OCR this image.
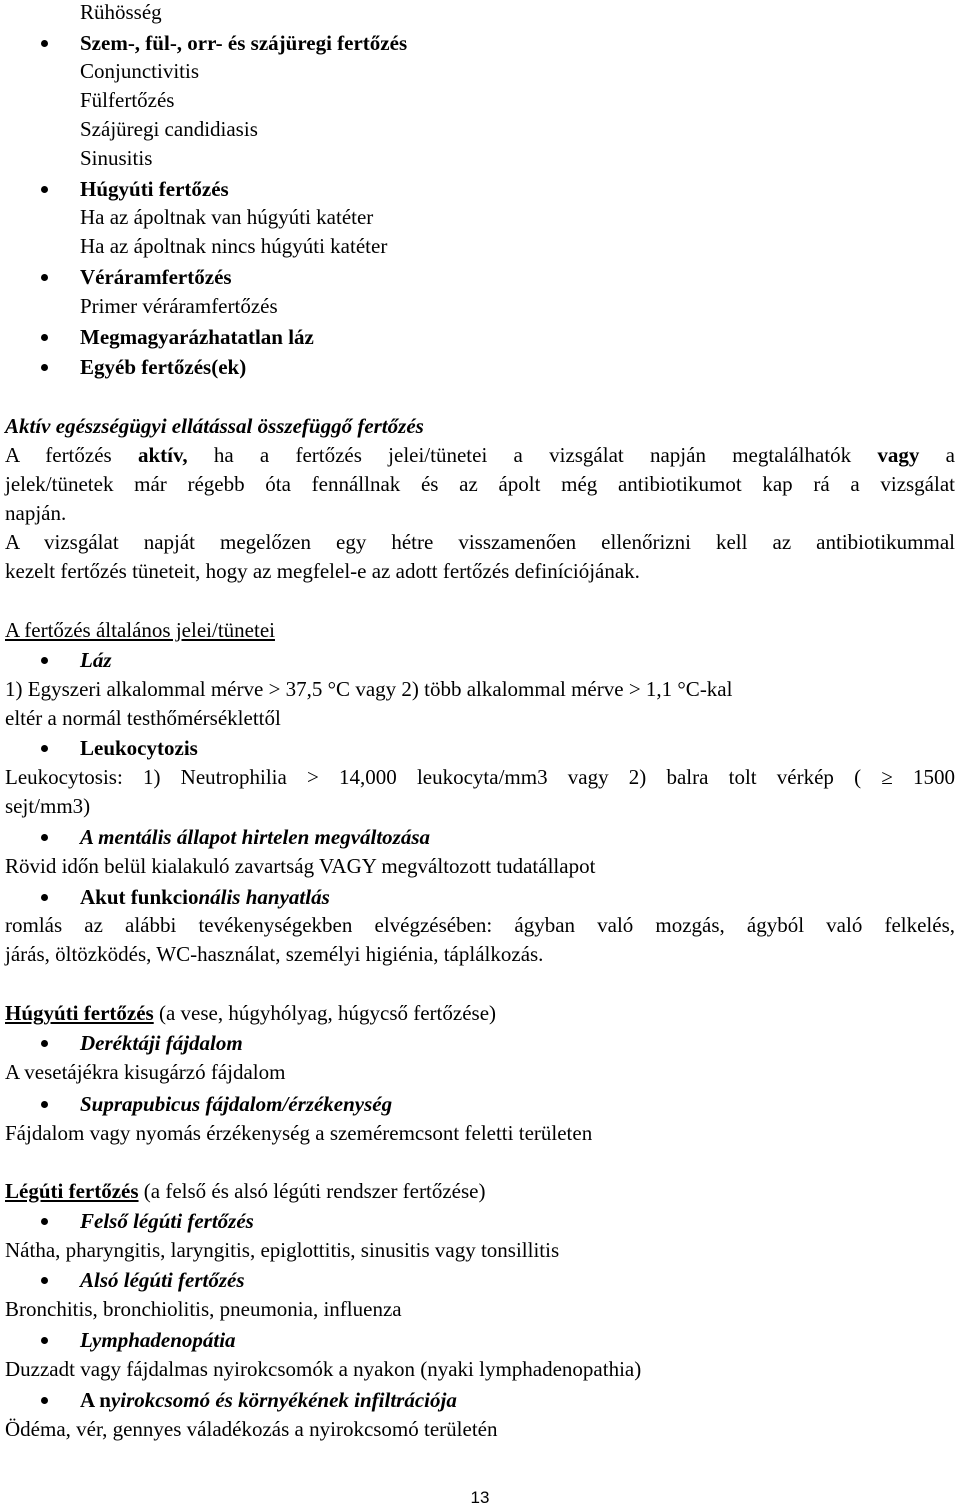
Rühösség
Szem-, fül-, orr- és szájüregi fertőzés
Conjunctivitis
Fülfertőzés
Szájüregi candidiasis
Sinusitis
Húgyúti fertőzés
Ha az ápoltnak van húgyúti katéter
Ha az ápoltnak nincs húgyúti katéter
Véráramfertőzés
Primer véráramfertőzés
Megmagyarázhatatlan láz
Egyéb fertőzés(ek)
Aktív egészségügyi ellátással összefüggő fertőzés
A fertőzés aktív, ha a fertőzés jelei/tünetei a vizsgálat napján megtalálhatók vagy a
jelek/tünetek már régebb óta fennállnak és az ápolt még antibiotikumot kap rá a vizsgálat
napján.
A vizsgálat napját megelőzen egy hétre visszamenően ellenőrizni kell az antibiotikummal
kezelt fertőzés tüneteit, hogy az megfelel-e az adott fertőzés definíciójának.
A fertőzés általános jelei/tünetei
Láz
1) Egyszeri alkalommal mérve > 37,5 °C vagy 2) több alkalommal mérve > 1,1 °C-kal
eltér a normál testhőmérséklettől
Leukocytozis
Leukocytosis: 1) Neutrophilia > 14,000 leukocyta/mm3 vagy 2) balra tolt vérkép ( ≥ 1500
sejt/mm3)
A mentális állapot hirtelen megváltozása
Rövid időn belül kialakuló zavartság VAGY megváltozott tudatállapot
Akut funkcionális hanyatlás
romlás az alábbi tevékenységekben elvégzésében: ágyban való mozgás, ágyból való felkelés,
járás, öltözködés, WC-használat, személyi higiénia, táplálkozás.
Húgyúti fertőzés (a vese, húgyhólyag, húgycső fertőzése)
Deréktáji fájdalom
A vesetájékra kisugárzó fájdalom
Suprapubicus fájdalom/érzékenység
Fájdalom vagy nyomás érzékenység a szeméremcsont feletti területen
Légúti fertőzés (a felső és alsó légúti rendszer fertőzése)
Felső légúti fertőzés
Nátha, pharyngitis, laryngitis, epiglottitis, sinusitis vagy tonsillitis
Alsó légúti fertőzés
Bronchitis, bronchiolitis, pneumonia, influenza
Lymphadenopátia
Duzzadt vagy fájdalmas nyirokcsomók a nyakon (nyaki lymphadenopathia)
A nyirokcsomó és környékének infiltrációja
Ödéma, vér, gennyes váladékozás a nyirokcsomó területén
13
